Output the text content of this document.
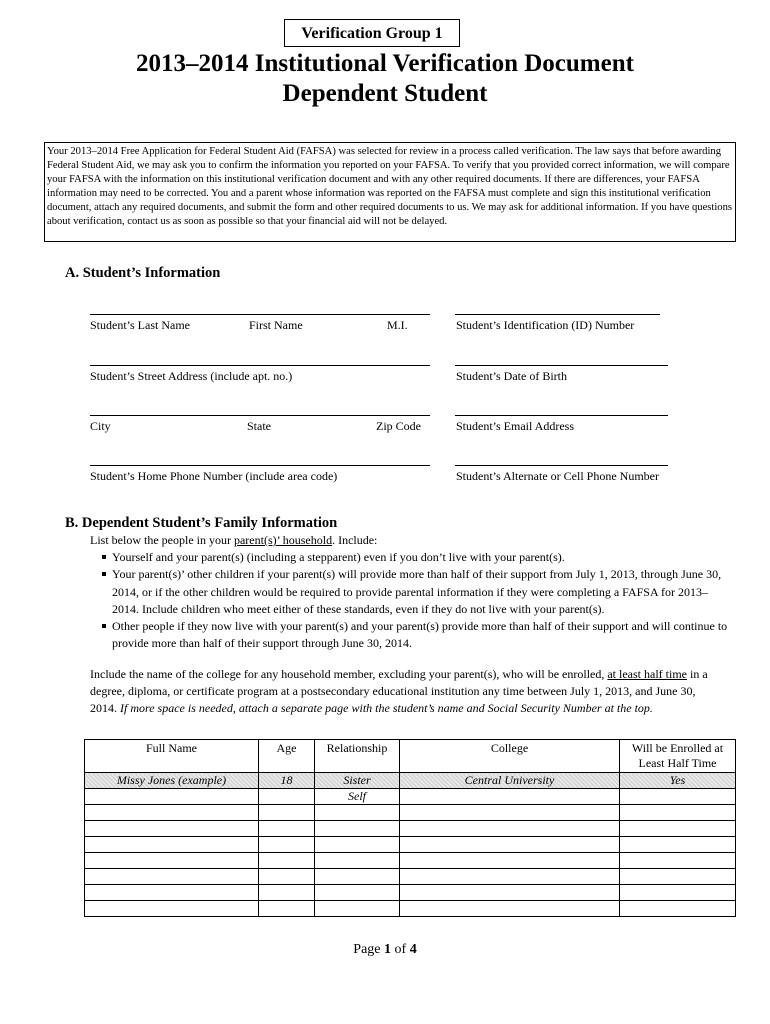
Verification Group 1
2013–2014 Institutional Verification Document
Dependent Student
Your 2013–2014 Free Application for Federal Student Aid (FAFSA) was selected for review in a process called verification. The law says that before awarding Federal Student Aid, we may ask you to confirm the information you reported on your FAFSA. To verify that you provided correct information, we will compare your FAFSA with the information on this institutional verification document and with any other required documents. If there are differences, your FAFSA information may need to be corrected. You and a parent whose information was reported on the FAFSA must complete and sign this institutional verification document, attach any required documents, and submit the form and other required documents to us. We may ask for additional information. If you have questions about verification, contact us as soon as possible so that your financial aid will not be delayed.
A. Student’s Information
Student’s Last Name	First Name	M.I.	Student’s Identification (ID) Number
Student’s Street Address (include apt. no.)	Student’s Date of Birth
City	State	Zip Code	Student’s Email Address
Student’s Home Phone Number (include area code)	Student’s Alternate or Cell Phone Number
B. Dependent Student’s Family Information
List below the people in your parent(s)’ household. Include:
Yourself and your parent(s) (including a stepparent) even if you don’t live with your parent(s).
Your parent(s)’ other children if your parent(s) will provide more than half of their support from July 1, 2013, through June 30, 2014, or if the other children would be required to provide parental information if they were completing a FAFSA for 2013–2014. Include children who meet either of these standards, even if they do not live with your parent(s).
Other people if they now live with your parent(s) and your parent(s) provide more than half of their support and will continue to provide more than half of their support through June 30, 2014.
Include the name of the college for any household member, excluding your parent(s), who will be enrolled, at least half time in a degree, diploma, or certificate program at a postsecondary educational institution any time between July 1, 2013, and June 30, 2014. If more space is needed, attach a separate page with the student’s name and Social Security Number at the top.
Full Name	Age	Relationship	College	Will be Enrolled at Least Half Time
Missy Jones (example)	18	Sister	Central University	Yes
		Self		

Page 1 of 4
